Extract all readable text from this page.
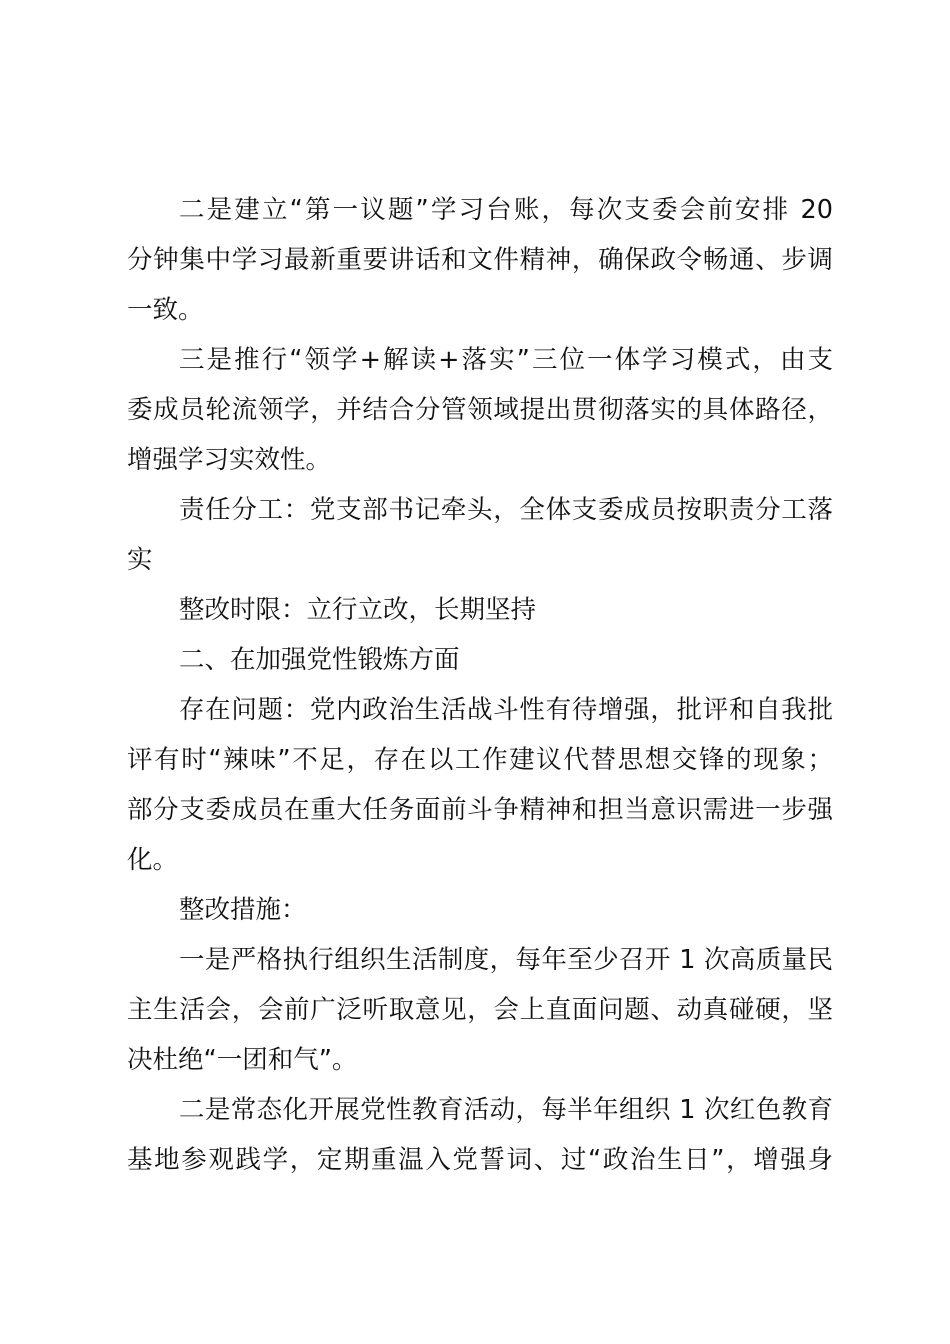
二是建立“第一议题”学习台账，每次支委会前安排 20
分钟集中学习最新重要讲话和文件精神，确保政令畅通、步调
一致。
三是推行“领学+解读+落实”三位一体学习模式，由支
委成员轮流领学，并结合分管领域提出贯彻落实的具体路径，
增强学习实效性。
责任分工：党支部书记牵头，全体支委成员按职责分工落
实
整改时限：立行立改，长期坚持
二、在加强党性锻炼方面
存在问题：党内政治生活战斗性有待增强，批评和自我批
评有时“辣味”不足，存在以工作建议代替思想交锋的现象；
部分支委成员在重大任务面前斗争精神和担当意识需进一步强
化。
整改措施：
一是严格执行组织生活制度，每年至少召开 1 次高质量民
主生活会，会前广泛听取意见，会上直面问题、动真碰硬，坚
决杜绝“一团和气”。
二是常态化开展党性教育活动，每半年组织 1 次红色教育
基地参观践学，定期重温入党誓词、过“政治生日”，增强身
